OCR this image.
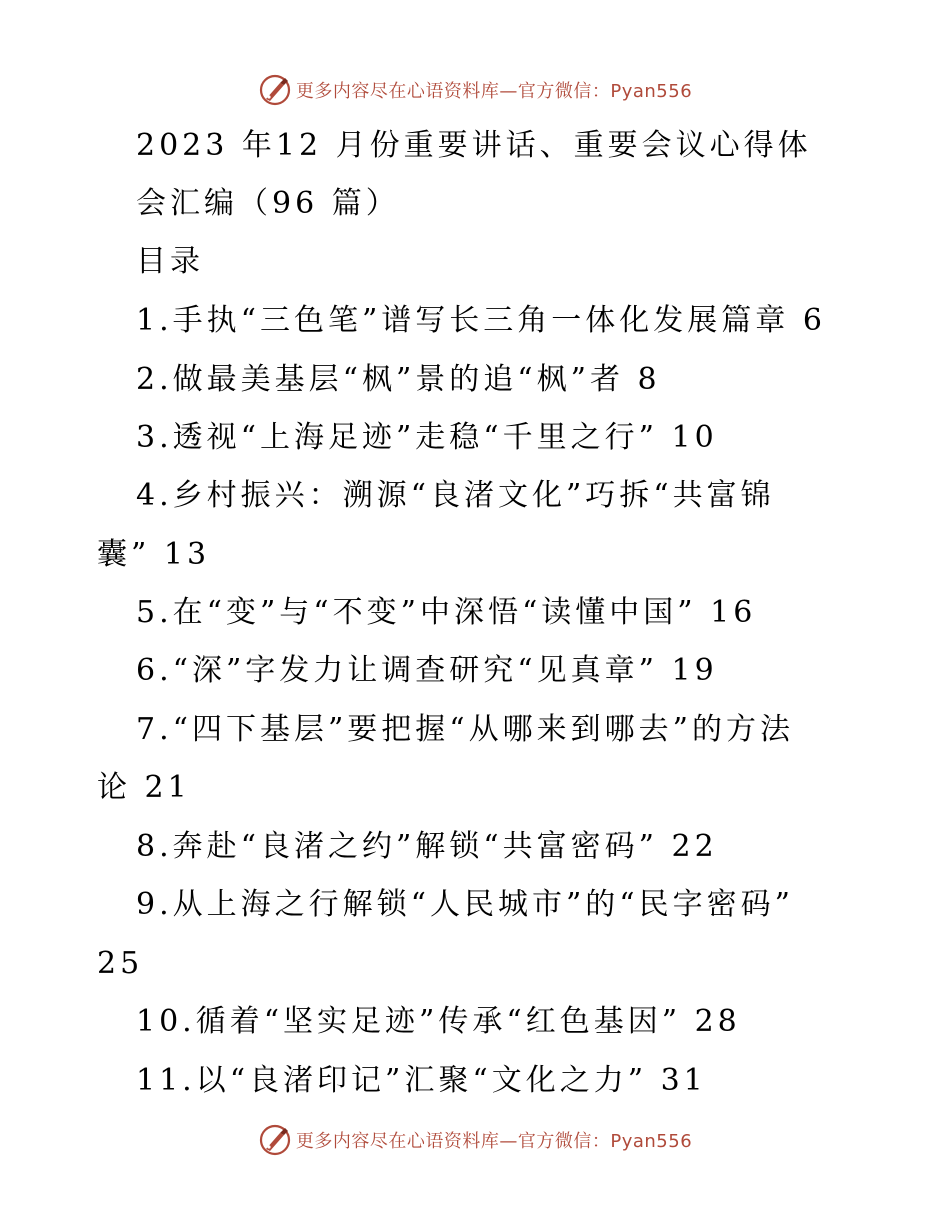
更多内容尽在心语资料库—官方微信：Pyan556
2023 年12 月份重要讲话、重要会议心得体
会汇编（96 篇）
目录
1.手执“三色笔”谱写长三角一体化发展篇章 6
2.做最美基层“枫”景的追“枫”者 8
3.透视“上海足迹”走稳“千里之行” 10
4.乡村振兴：溯源“良渚文化”巧拆“共富锦
囊” 13
5.在“变”与“不变”中深悟“读懂中国” 16
6.“深”字发力让调查研究“见真章” 19
7.“四下基层”要把握“从哪来到哪去”的方法
论 21
8.奔赴“良渚之约”解锁“共富密码” 22
9.从上海之行解锁“人民城市”的“民字密码”
25
10.循着“坚实足迹”传承“红色基因” 28
11.以“良渚印记”汇聚“文化之力” 31
更多内容尽在心语资料库—官方微信：Pyan556
